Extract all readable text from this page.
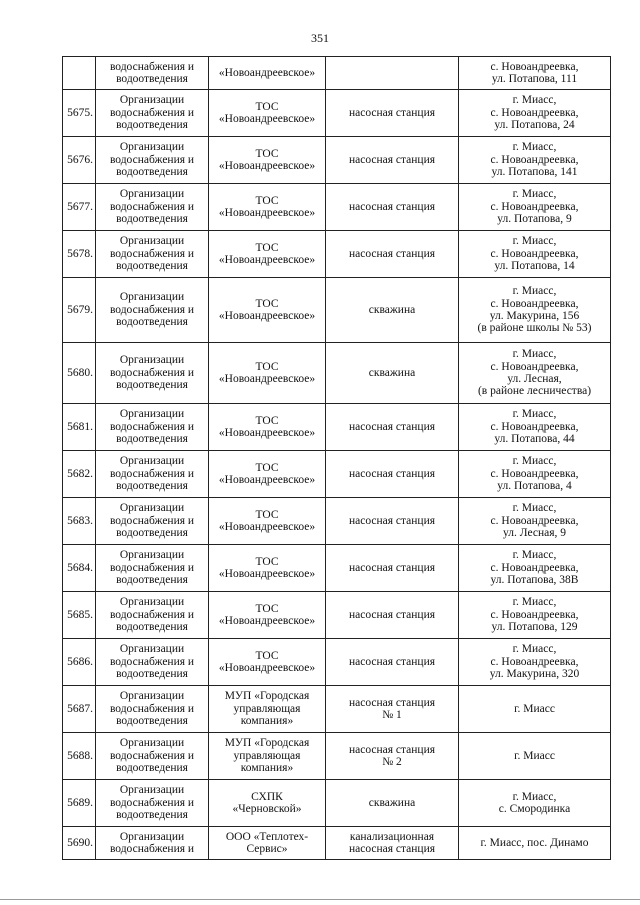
351
	водоснабжения и
водоотведения	«Новоандреевское»		с. Новоандреевка,
ул. Потапова, 111
5675.	Организации
водоснабжения и
водоотведения	ТОС
«Новоандреевское»	насосная станция	г. Миасс,
с. Новоандреевка,
ул. Потапова, 24
5676.	Организации
водоснабжения и
водоотведения	ТОС
«Новоандреевское»	насосная станция	г. Миасс,
с. Новоандреевка,
ул. Потапова, 141
5677.	Организации
водоснабжения и
водоотведения	ТОС
«Новоандреевское»	насосная станция	г. Миасс,
с. Новоандреевка,
ул. Потапова, 9
5678.	Организации
водоснабжения и
водоотведения	ТОС
«Новоандреевское»	насосная станция	г. Миасс,
с. Новоандреевка,
ул. Потапова, 14
5679.	Организации
водоснабжения и
водоотведения	ТОС
«Новоандреевское»	скважина	г. Миасс,
с. Новоандреевка,
ул. Макурина, 156
(в районе школы № 53)
5680.	Организации
водоснабжения и
водоотведения	ТОС
«Новоандреевское»	скважина	г. Миасс,
с. Новоандреевка,
ул. Лесная,
(в районе лесничества)
5681.	Организации
водоснабжения и
водоотведения	ТОС
«Новоандреевское»	насосная станция	г. Миасс,
с. Новоандреевка,
ул. Потапова, 44
5682.	Организации
водоснабжения и
водоотведения	ТОС
«Новоандреевское»	насосная станция	г. Миасс,
с. Новоандреевка,
ул. Потапова, 4
5683.	Организации
водоснабжения и
водоотведения	ТОС
«Новоандреевское»	насосная станция	г. Миасс,
с. Новоандреевка,
ул. Лесная, 9
5684.	Организации
водоснабжения и
водоотведения	ТОС
«Новоандреевское»	насосная станция	г. Миасс,
с. Новоандреевка,
ул. Потапова, 38В
5685.	Организации
водоснабжения и
водоотведения	ТОС
«Новоандреевское»	насосная станция	г. Миасс,
с. Новоандреевка,
ул. Потапова, 129
5686.	Организации
водоснабжения и
водоотведения	ТОС
«Новоандреевское»	насосная станция	г. Миасс,
с. Новоандреевка,
ул. Макурина, 320
5687.	Организации
водоснабжения и
водоотведения	МУП «Городская
управляющая
компания»	насосная станция
№ 1	г. Миасс
5688.	Организации
водоснабжения и
водоотведения	МУП «Городская
управляющая
компания»	насосная станция
№ 2	г. Миасс
5689.	Организации
водоснабжения и
водоотведения	СХПК
«Черновской»	скважина	г. Миасс,
с. Смородинка
5690.	Организации
водоснабжения и	ООО «Теплотех-
Сервис»	канализационная
насосная станция	г. Миасс, пос. Динамо
